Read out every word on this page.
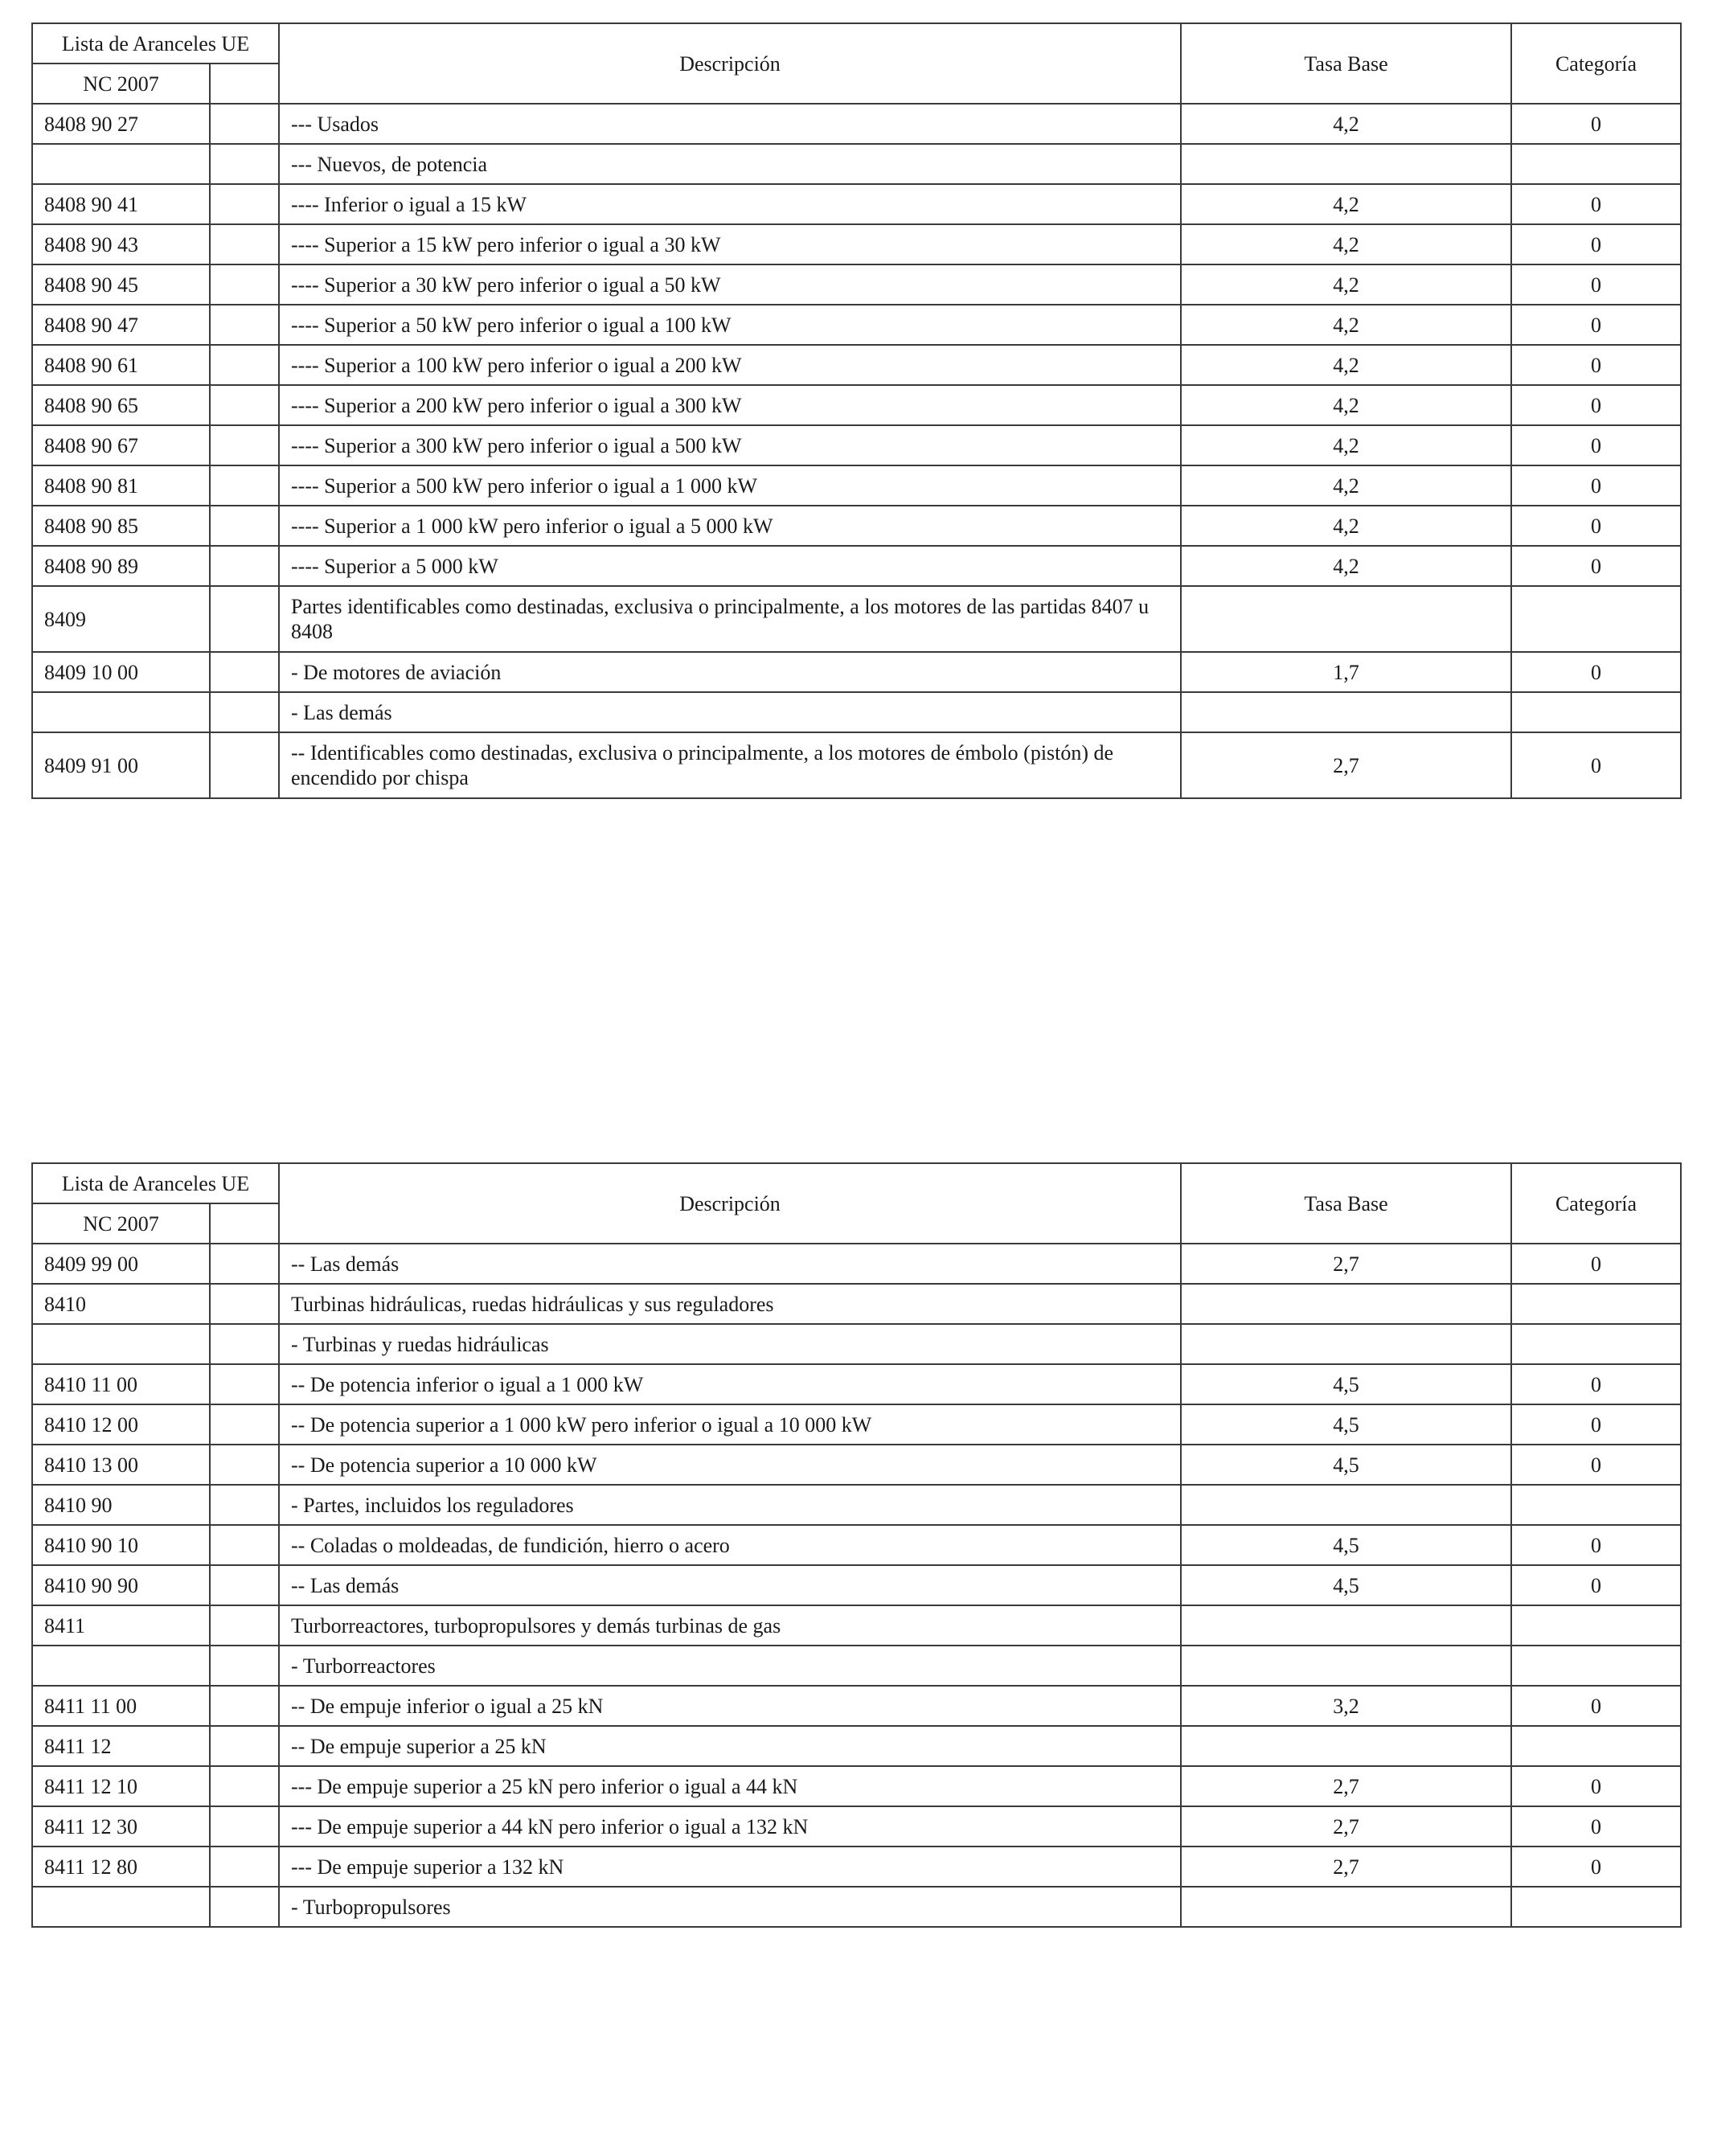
Lista de Aranceles UE		Descripción	Tasa Base	Categoría
NC 2007				
8408 90 27		--- Usados	4,2	0
		--- Nuevos, de potencia		
8408 90 41		---- Inferior o igual a 15 kW	4,2	0
8408 90 43		---- Superior a 15 kW pero inferior o igual a 30 kW	4,2	0
8408 90 45		---- Superior a 30 kW pero inferior o igual a 50 kW	4,2	0
8408 90 47		---- Superior a 50 kW pero inferior o igual a 100 kW	4,2	0
8408 90 61		---- Superior a 100 kW pero inferior o igual a 200 kW	4,2	0
8408 90 65		---- Superior a 200 kW pero inferior o igual a 300 kW	4,2	0
8408 90 67		---- Superior a 300 kW pero inferior o igual a 500 kW	4,2	0
8408 90 81		---- Superior a 500 kW pero inferior o igual a 1 000 kW	4,2	0
8408 90 85		---- Superior a 1 000 kW pero inferior o igual a 5 000 kW	4,2	0
8408 90 89		---- Superior a 5 000 kW	4,2	0
8409		Partes identificables como destinadas, exclusiva o principalmente, a los motores de las partidas 8407 u 8408		
8409 10 00		- De motores de aviación	1,7	0
		- Las demás		
8409 91 00		-- Identificables como destinadas, exclusiva o principalmente, a los motores de émbolo (pistón) de encendido por chispa	2,7	0
Lista de Aranceles UE		Descripción	Tasa Base	Categoría
NC 2007				
8409 99 00		-- Las demás	2,7	0
8410		Turbinas hidráulicas, ruedas hidráulicas y sus reguladores		
		- Turbinas y ruedas hidráulicas		
8410 11 00		-- De potencia inferior o igual a 1 000 kW	4,5	0
8410 12 00		-- De potencia superior a 1 000 kW pero inferior o igual a 10 000 kW	4,5	0
8410 13 00		-- De potencia superior a 10 000 kW	4,5	0
8410 90		- Partes, incluidos los reguladores		
8410 90 10		-- Coladas o moldeadas, de fundición, hierro o acero	4,5	0
8410 90 90		-- Las demás	4,5	0
8411		Turborreactores, turbopropulsores y demás turbinas de gas		
		- Turborreactores		
8411 11 00		-- De empuje inferior o igual a 25 kN	3,2	0
8411 12		-- De empuje superior a 25 kN		
8411 12 10		--- De empuje superior a 25 kN pero inferior o igual a 44 kN	2,7	0
8411 12 30		--- De empuje superior a 44 kN pero inferior o igual a 132 kN	2,7	0
8411 12 80		--- De empuje superior a 132 kN	2,7	0
		- Turbopropulsores		
